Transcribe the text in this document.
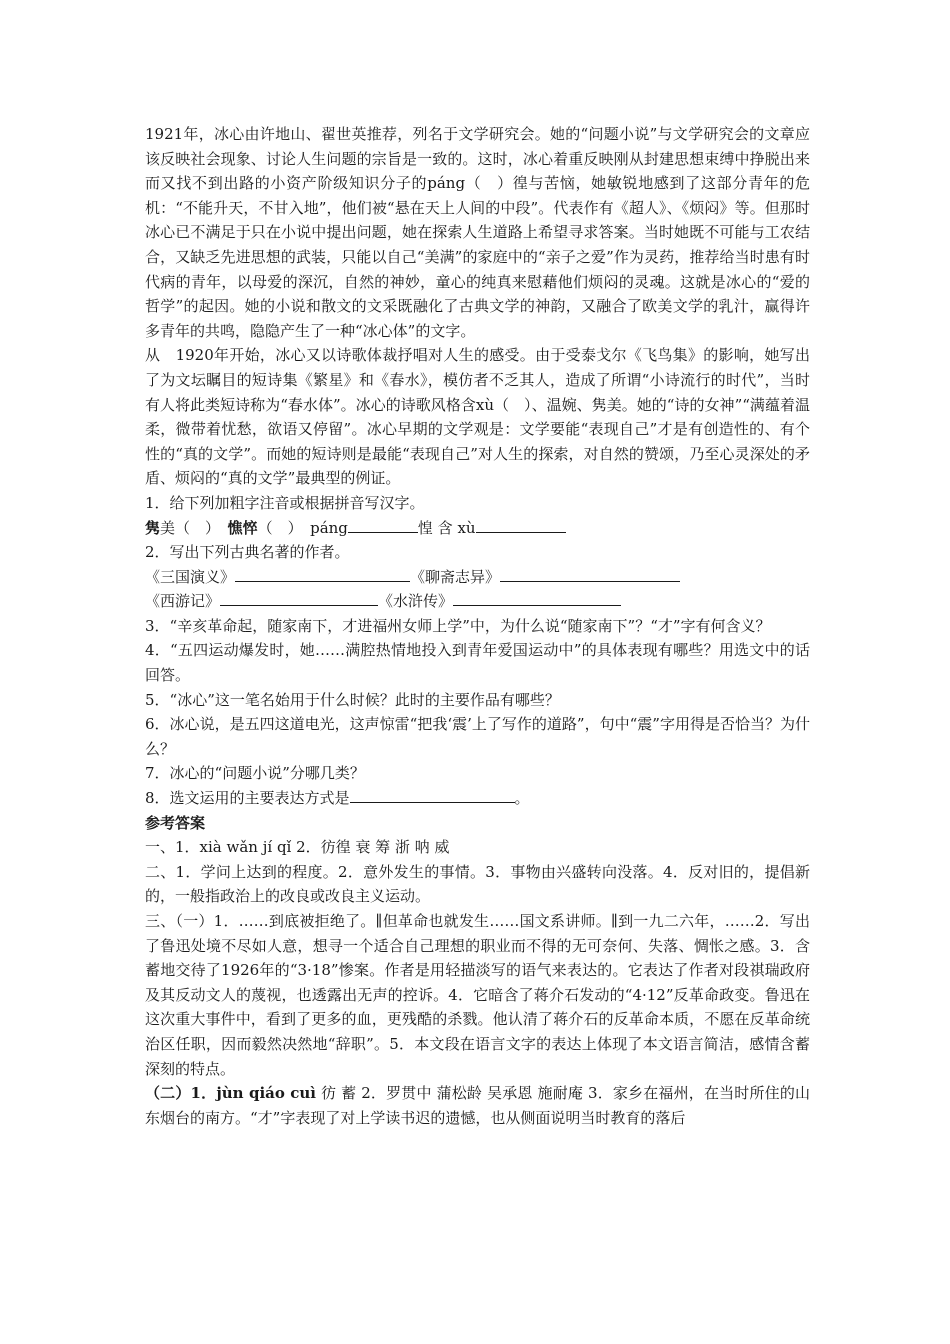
1921年，冰心由许地山、翟世英推荐，列名于文学研究会。她的“问题小说”与文学研究会的文章应该反映社会现象、讨论人生问题的宗旨是一致的。这时，冰心着重反映刚从封建思想束缚中挣脱出来而又找不到出路的小资产阶级知识分子的páng（　）徨与苦恼，她敏锐地感到了这部分青年的危机：“不能升天，不甘入地”，他们被“悬在天上人间的中段”。代表作有《超人》、《烦闷》等。但那时冰心已不满足于只在小说中提出问题，她在探索人生道路上希望寻求答案。当时她既不可能与工农结合，又缺乏先进思想的武装，只能以自己“美满”的家庭中的“亲子之爱”作为灵药，推荐给当时患有时代病的青年，以母爱的深沉，自然的神妙，童心的纯真来慰藉他们烦闷的灵魂。这就是冰心的“爱的哲学”的起因。她的小说和散文的文采既融化了古典文学的神韵，又融合了欧美文学的乳汁，赢得许多青年的共鸣，隐隐产生了一种“冰心体”的文字。

从　1920年开始，冰心又以诗歌体裁抒唱对人生的感受。由于受泰戈尔《飞鸟集》的影响，她写出了为文坛瞩目的短诗集《繁星》和《春水》，模仿者不乏其人，造成了所谓“小诗流行的时代”，当时有人将此类短诗称为“春水体”。冰心的诗歌风格含xù（　）、温婉、隽美。她的“诗的女神”“满蕴着温柔，微带着忧愁，欲语又停留”。冰心早期的文学观是：文学要能“表现自己”才是有创造性的、有个性的“真的文学”。而她的短诗则是最能“表现自己”对人生的探索，对自然的赞颂，乃至心灵深处的矛盾、烦闷的“真的文学”最典型的例证。

1．给下列加粗字注音或根据拼音写汉字。

隽美（　）　 憔悴（　）　 páng	惶 含 xù

2．写出下列古典名著的作者。

《三国演义》	《聊斋志异》

《西游记》	《水浒传》

3．“辛亥革命起，随家南下，才进福州女师上学”中，为什么说“随家南下”？“才”字有何含义？

4．“五四运动爆发时，她……满腔热情地投入到青年爱国运动中”的具体表现有哪些？用选文中的话回答。

5．“冰心”这一笔名始用于什么时候？此时的主要作品有哪些？

6．冰心说，是五四这道电光，这声惊雷“把我‘震’上了写作的道路”，句中“震”字用得是否恰当？为什么？

7．冰心的“问题小说”分哪几类？

8．选文运用的主要表达方式是	。

参考答案

一、1．xià wǎn jí qǐ 2．彷徨 衰 筹 浙 呐 威

二、1．学问上达到的程度。2．意外发生的事情。3．事物由兴盛转向没落。4．反对旧的，提倡新的，一般指政治上的改良或改良主义运动。

三、（一）1．……到底被拒绝了。∥但革命也就发生……国文系讲师。∥到一九二六年，……2．写出了鲁迅处境不尽如人意，想寻一个适合自己理想的职业而不得的无可奈何、失落、惆怅之感。3．含蓄地交待了1926年的“3·18”惨案。作者是用轻描淡写的语气来表达的。它表达了作者对段祺瑞政府及其反动文人的蔑视，也透露出无声的控诉。4．它暗含了蒋介石发动的“4·12”反革命政变。鲁迅在这次重大事件中，看到了更多的血，更残酷的杀戮。他认清了蒋介石的反革命本质，不愿在反革命统治区任职，因而毅然决然地“辞职”。5．本文段在语言文字的表达上体现了本文语言简洁，感情含蓄深刻的特点。

（二）1．jùn qiáo cuì 彷 蓄 2．罗贯中 蒲松龄 吴承恩 施耐庵 3．家乡在福州，在当时所住的山东烟台的南方。“才”字表现了对上学读书迟的遗憾，也从侧面说明当时教育的落后
